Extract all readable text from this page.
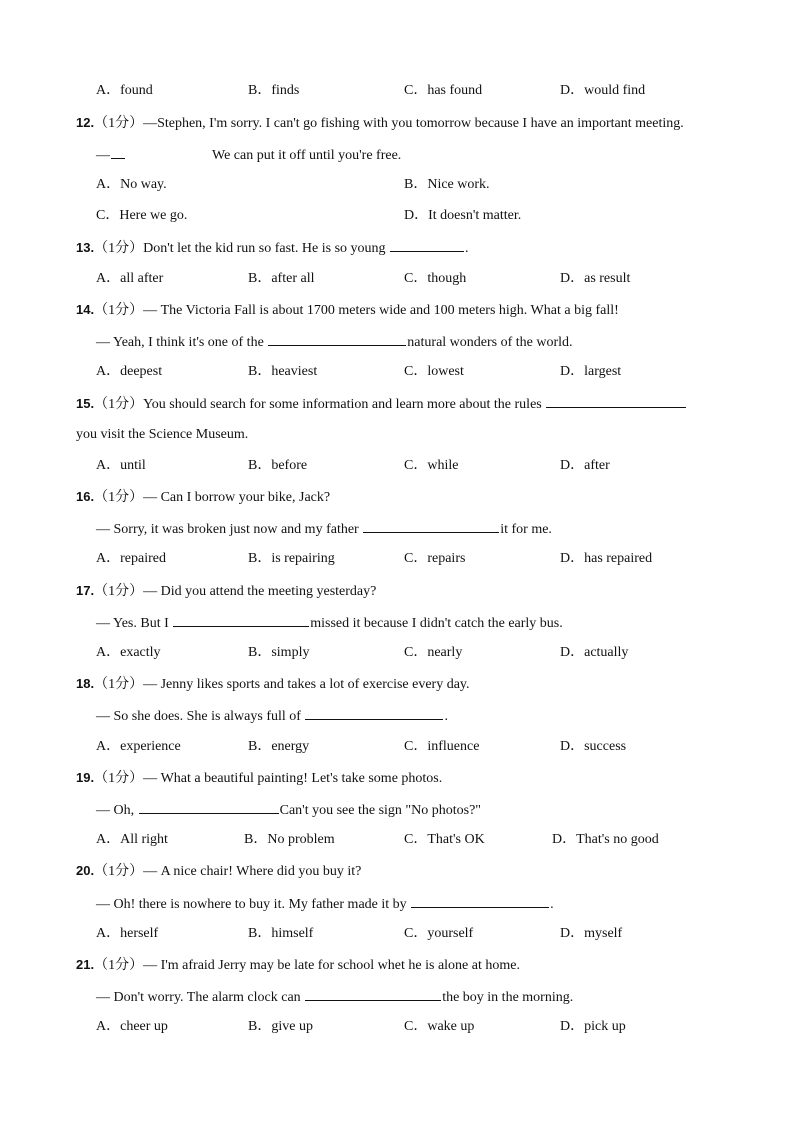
A．found	B．finds	C．has found	D．would find
12.（1分）—Stephen, I'm sorry. I can't go fishing with you tomorrow because I have an important meeting.
—	We can put it off until you're free.
A．No way.	B．Nice work.
C．Here we go.	D．It doesn't matter.
13.（1分）Don't let the kid run so fast. He is so young	.
A．all after	B．after all	C．though	D．as result
14.（1分）— The Victoria Fall is about 1700 meters wide and 100 meters high. What a big fall!
— Yeah, I think it's one of the	natural wonders of the world.
A．deepest	B．heaviest	C．lowest	D．largest
15.（1分）You should search for some information and learn more about the rules
you visit the Science Museum.
A．until	B．before	C．while	D．after
16.（1分）— Can I borrow your bike, Jack?
— Sorry, it was broken just now and my father	it for me.
A．repaired	B．is repairing	C．repairs	D．has repaired
17.（1分）— Did you attend the meeting yesterday?
— Yes. But I	missed it because I didn't catch the early bus.
A．exactly	B．simply	C．nearly	D．actually
18.（1分）— Jenny likes sports and takes a lot of exercise every day.
— So she does. She is always full of	.
A．experience	B．energy	C．influence	D．success
19.（1分）— What a beautiful painting! Let's take some photos.
— Oh,	Can't you see the sign "No photos?"
A．All right	B．No problem	C．That's OK	D．That's no good
20.（1分）— A nice chair! Where did you buy it?
— Oh! there is nowhere to buy it. My father made it by	.
A．herself	B．himself	C．yourself	D．myself
21.（1分）— I'm afraid Jerry may be late for school whet he is alone at home.
— Don't worry. The alarm clock can	the boy in the morning.
A．cheer up	B．give up	C．wake up	D．pick up
